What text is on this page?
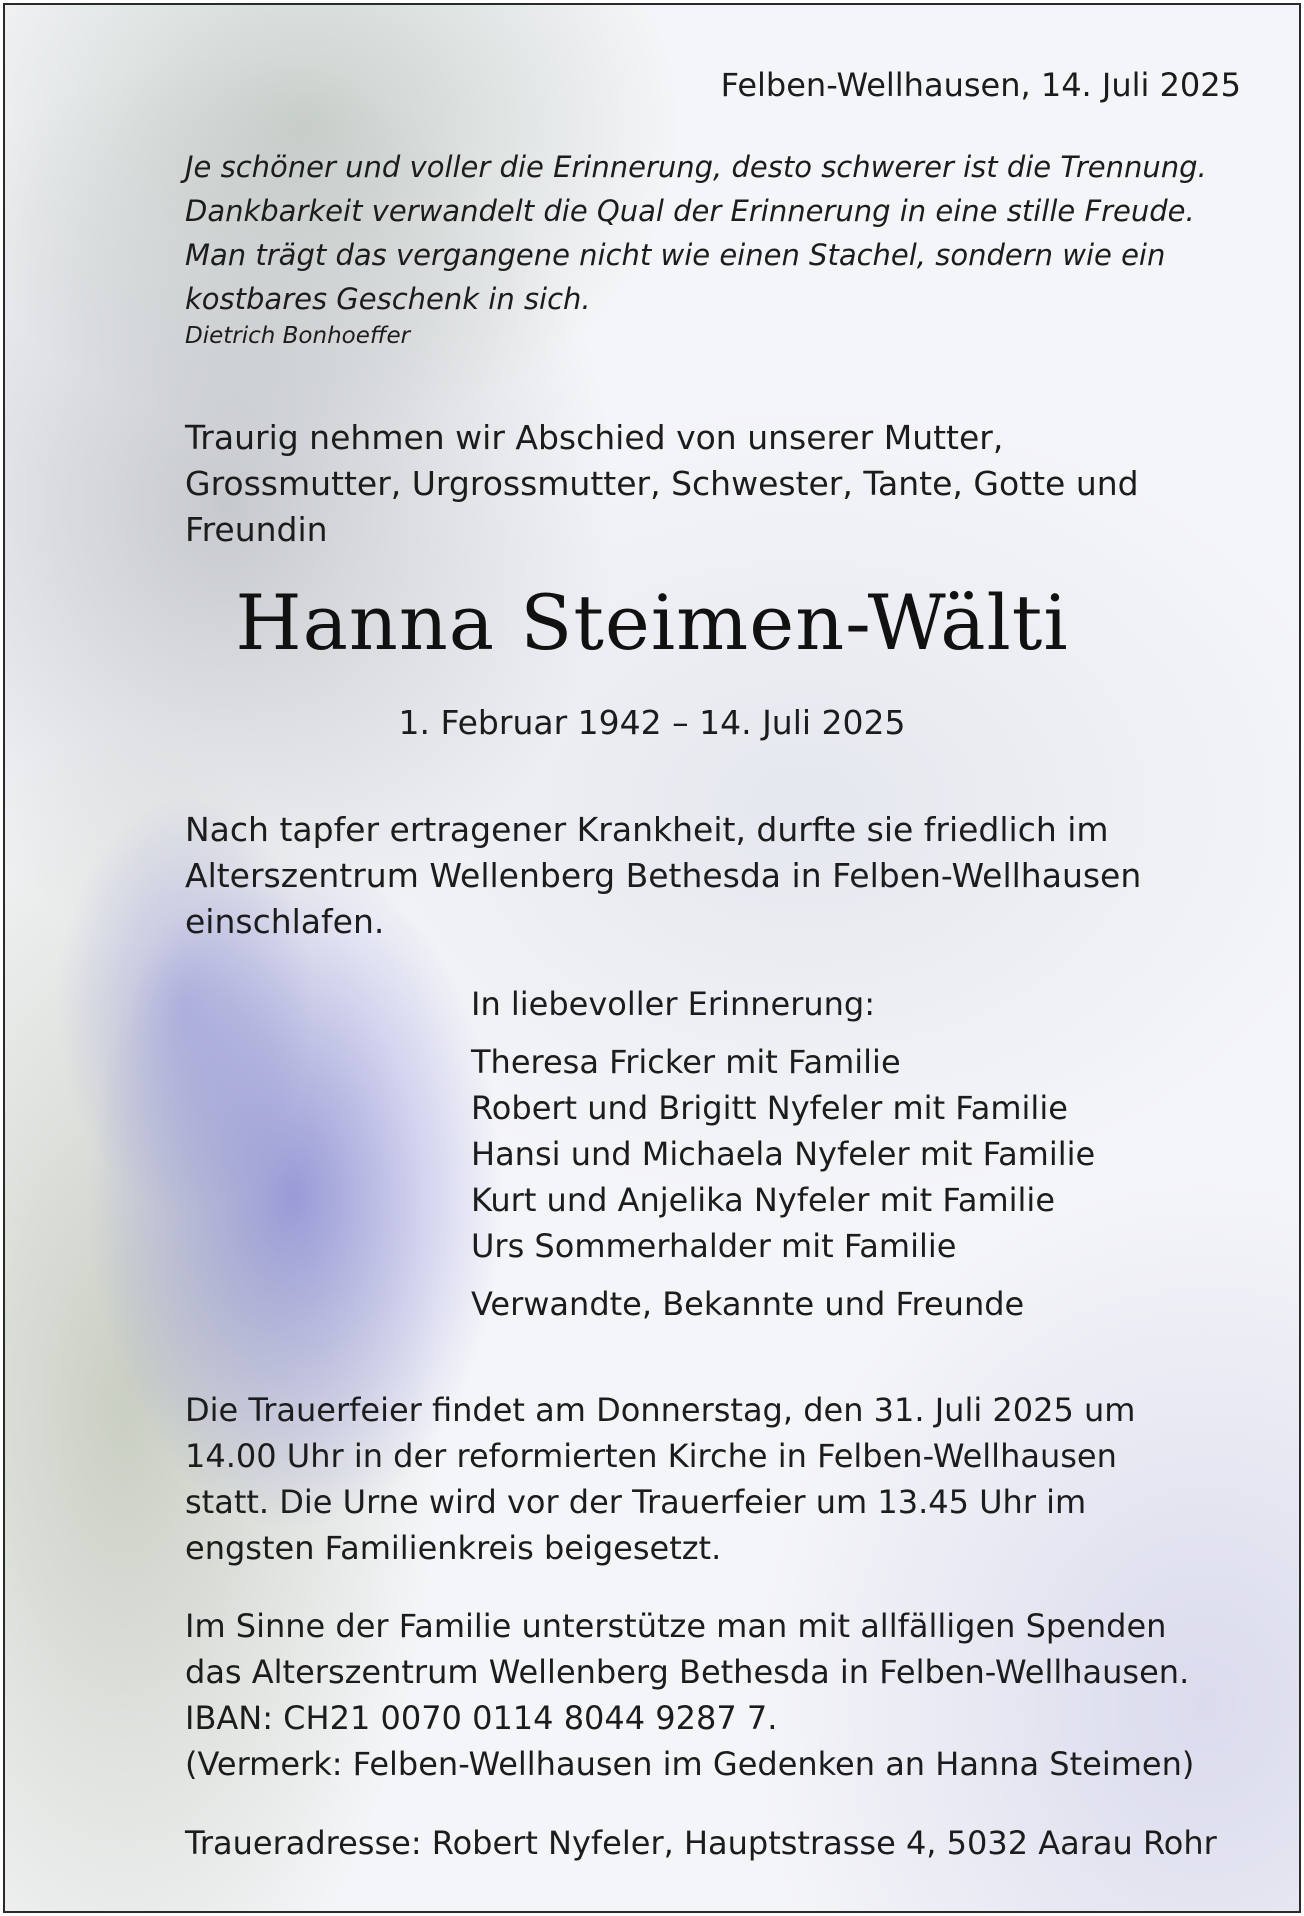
Felben-Wellhausen, 14. Juli 2025

Je schöner und voller die Erinnerung, desto schwerer ist die Trennung.
Dankbarkeit verwandelt die Qual der Erinnerung in eine stille Freude.
Man trägt das vergangene nicht wie einen Stachel, sondern wie ein
kostbares Geschenk in sich.

Dietrich Bonhoeffer

Traurig nehmen wir Abschied von unserer Mutter,
Grossmutter, Urgrossmutter, Schwester, Tante, Gotte und
Freundin
Hanna Steimen-Wälti

1. Februar 1942 – 14. Juli 2025

Nach tapfer ertragener Krankheit, durfte sie friedlich im
Alterszentrum Wellenberg Bethesda in Felben-Wellhausen
einschlafen.
In liebevoller Erinnerung:
Theresa Fricker mit Familie
Robert und Brigitt Nyfeler mit Familie
Hansi und Michaela Nyfeler mit Familie
Kurt und Anjelika Nyfeler mit Familie
Urs Sommerhalder mit Familie
Verwandte, Bekannte und Freunde
Die Trauerfeier findet am Donnerstag, den 31. Juli 2025 um
14.00 Uhr in der reformierten Kirche in Felben-Wellhausen
statt. Die Urne wird vor der Trauerfeier um 13.45 Uhr im
engsten Familienkreis beigesetzt.
Im Sinne der Familie unterstütze man mit allfälligen Spenden
das Alterszentrum Wellenberg Bethesda in Felben-Wellhausen.
IBAN: CH21 0070 0114 8044 9287 7.
(Vermerk: Felben-Wellhausen im Gedenken an Hanna Steimen)

Traueradresse: Robert Nyfeler, Hauptstrasse 4, 5032 Aarau Rohr
